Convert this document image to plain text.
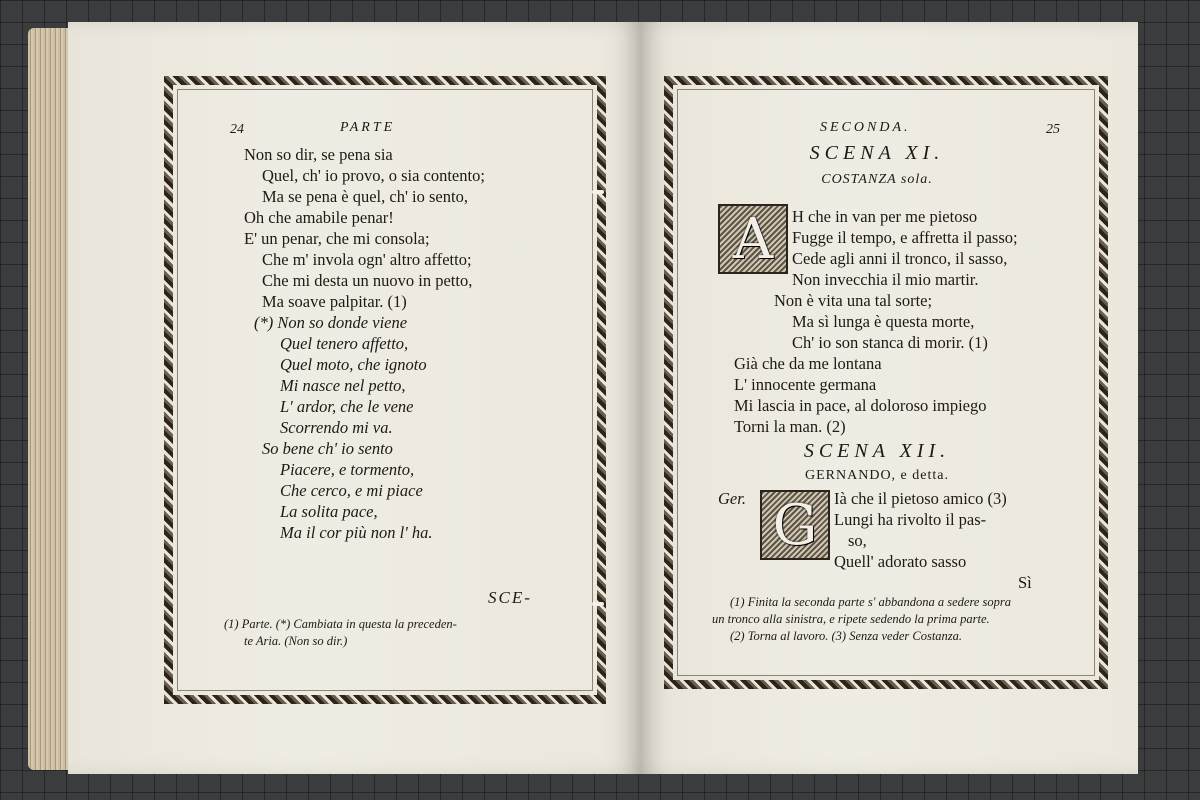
24	PARTE
Non so dir, se pena sia
Quel, ch' io provo, o sia contento;
Ma se pena è quel, ch' io sento,
Oh che amabile penar!
E' un penar, che mi consola;
Che m' invola ogn' altro affetto;
Che mi desta un nuovo in petto,
Ma soave palpitar. (1)
(*) Non so donde viene
Quel tenero affetto,
Quel moto, che ignoto
Mi nasce nel petto,
L' ardor, che le vene
Scorrendo mi va.
So bene ch' io sento
Piacere, e tormento,
Che cerco, e mi piace
La solita pace,
Ma il cor più non l' ha.
SCE-
(1) Parte. (*) Cambiata in questa la preceden-
te Aria. (Non so dir.)
SECONDA.	25
SCENA XI.
COSTANZA sola.
A H che in van per me pietoso
Fugge il tempo, e affretta il passo;
Cede agli anni il tronco, il sasso,
Non invecchia il mio martir.
Non è vita una tal sorte;
Ma sì lunga è questa morte,
Ch' io son stanca di morir. (1)
Già che da me lontana
L' innocente germana
Mi lascia in pace, al doloroso impiego
Torni la man. (2)
SCENA XII.
GERNANDO, e detta.
Ger. G Ià che il pietoso amico (3)
Lungi ha rivolto il pas-
so,
Quell' adorato sasso
Sì
(1) Finita la seconda parte s' abbandona a sedere sopra
un tronco alla sinistra, e ripete sedendo la prima parte.
(2) Torna al lavoro. (3) Senza veder Costanza.
